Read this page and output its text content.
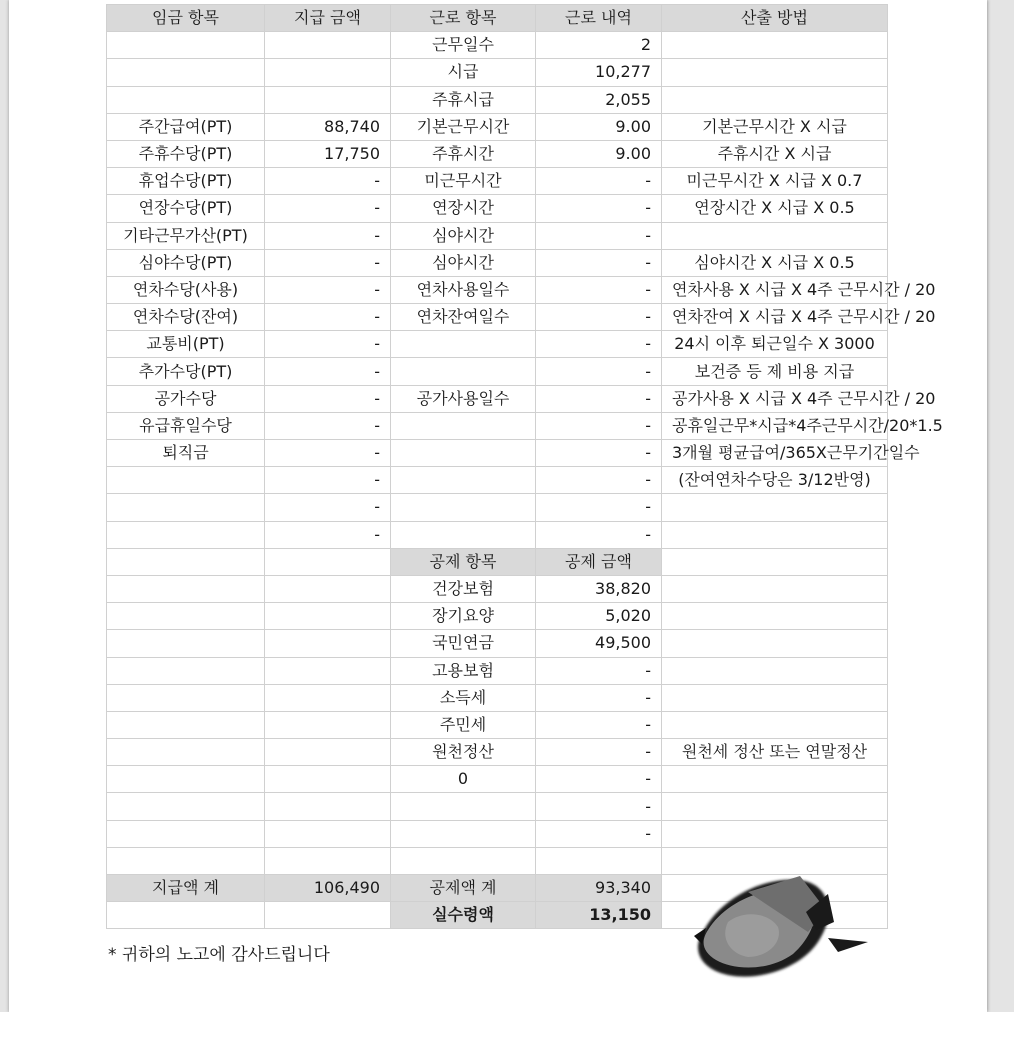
임금 항목	지급 금액	근로 항목	근로 내역	산출 방법
		근무일수	2	
		시급	10,277	
		주휴시급	2,055	
주간급여(PT)	88,740	기본근무시간	9.00	기본근무시간 X 시급
주휴수당(PT)	17,750	주휴시간	9.00	주휴시간 X 시급
휴업수당(PT)	-	미근무시간	-	미근무시간 X 시급 X 0.7
연장수당(PT)	-	연장시간	-	연장시간 X 시급 X 0.5
기타근무가산(PT)	-	심야시간	-	
심야수당(PT)	-	심야시간	-	심야시간 X 시급 X 0.5
연차수당(사용)	-	연차사용일수	-	연차사용 X 시급 X 4주 근무시간 / 20
연차수당(잔여)	-	연차잔여일수	-	연차잔여 X 시급 X 4주 근무시간 / 20
교통비(PT)	-		-	24시 이후 퇴근일수 X 3000
추가수당(PT)	-		-	보건증 등 제 비용 지급
공가수당	-	공가사용일수	-	공가사용 X 시급 X 4주 근무시간 / 20
유급휴일수당	-		-	공휴일근무*시급*4주근무시간/20*1.5
퇴직금	-		-	3개월 평균급여/365X근무기간일수
	-		-	(잔여연차수당은 3/12반영)
	-		-	
	-		-	
		공제 항목	공제 금액	
		건강보험	38,820	
		장기요양	5,020	
		국민연금	49,500	
		고용보험	-	
		소득세	-	
		주민세	-	
		원천정산	-	원천세 정산 또는 연말정산
		0	-	
			-	
			-	

지급액 계	106,490	공제액 계	93,340	
		실수령액	13,150	
* 귀하의 노고에 감사드립니다
